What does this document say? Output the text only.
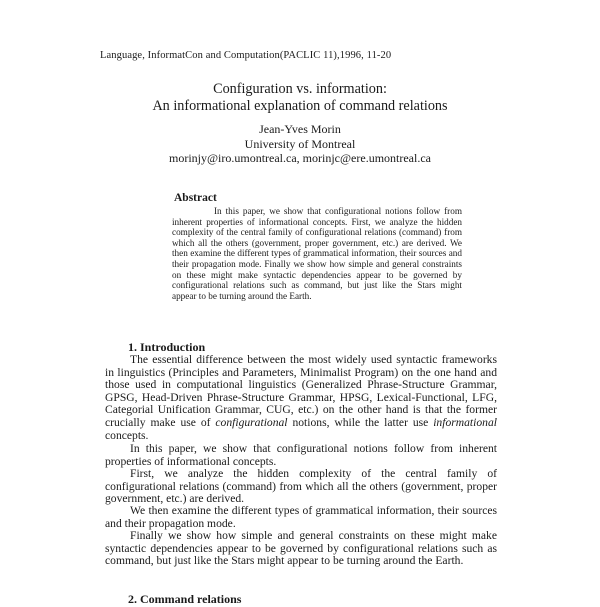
Language, InformatCon and Computation(PACLIC 11),1996, 11-20
Configuration vs. information:
An informational explanation of command relations
Jean-Yves Morin
University of Montreal
morinjy@iro.umontreal.ca, morinjc@ere.umontreal.ca
Abstract

In this paper, we show that configurational notions follow from inherent properties of informational concepts. First, we analyze the hidden complexity of the central family of configurational relations (command) from which all the others (government, proper government, etc.) are derived. We then examine the different types of grammatical information, their sources and their propagation mode. Finally we show how simple and general constraints on these might make syntactic dependencies appear to be governed by configurational relations such as command, but just like the Stars might appear to be turning around the Earth.

1. Introduction

The essential difference between the most widely used syntactic frameworks in linguistics (Principles and Parameters, Minimalist Program) on the one hand and those used in computational linguistics (Generalized Phrase-Structure Grammar, GPSG, Head-Driven Phrase-Structure Grammar, HPSG, Lexical-Functional, LFG, Categorial Unification Grammar, CUG, etc.) on the other hand is that the former crucially make use of configurational notions, while the latter use informational concepts.

In this paper, we show that configurational notions follow from inherent properties of informational concepts.

First, we analyze the hidden complexity of the central family of configurational relations (command) from which all the others (government, proper government, etc.) are derived.

We then examine the different types of grammatical information, their sources and their propagation mode.

Finally we show how simple and general constraints on these might make syntactic dependencies appear to be governed by configurational relations such as command, but just like the Stars might appear to be turning around the Earth.

2. Command relations
